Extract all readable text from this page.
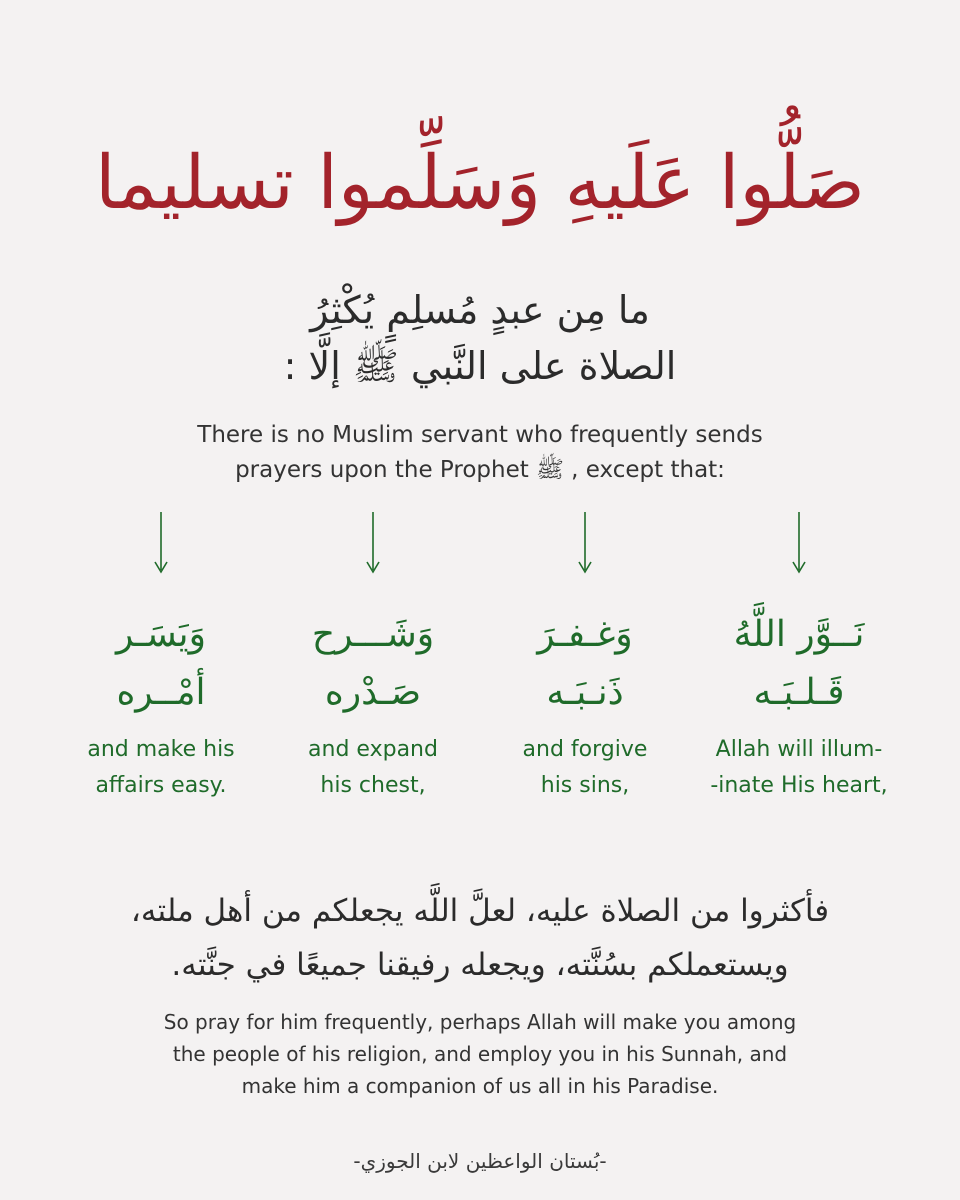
صَلُّوا عَلَيهِ وَسَلِّموا تسليما
ما مِن عبدٍ مُسلِمٍ يُكْثِرُ
الصلاة على النَّبي ﷺ إلَّا :
There is no Muslim servant who frequently sends
prayers upon the Prophet ﷺ , except that:
وَيَسَـر
أمْــره
and make his
affairs easy.
وَشَـــرح
صَـدْره
and expand
his chest,
وَغـفـرَ
ذَنـبَـه
and forgive
his sins,
نَــوَّر اللَّهُ
قَـلـبَـه
Allah will illum-
-inate His heart,
فأكثروا من الصلاة عليه، لعلَّ اللَّه يجعلكم من أهل ملته،
ويستعملكم بسُنَّته، ويجعله رفيقنا جميعًا في جنَّته.
So pray for him frequently, perhaps Allah will make you among
the people of his religion, and employ you in his Sunnah, and
make him a companion of us all in his Paradise.
-بُستان الواعظين لابن الجوزي-
